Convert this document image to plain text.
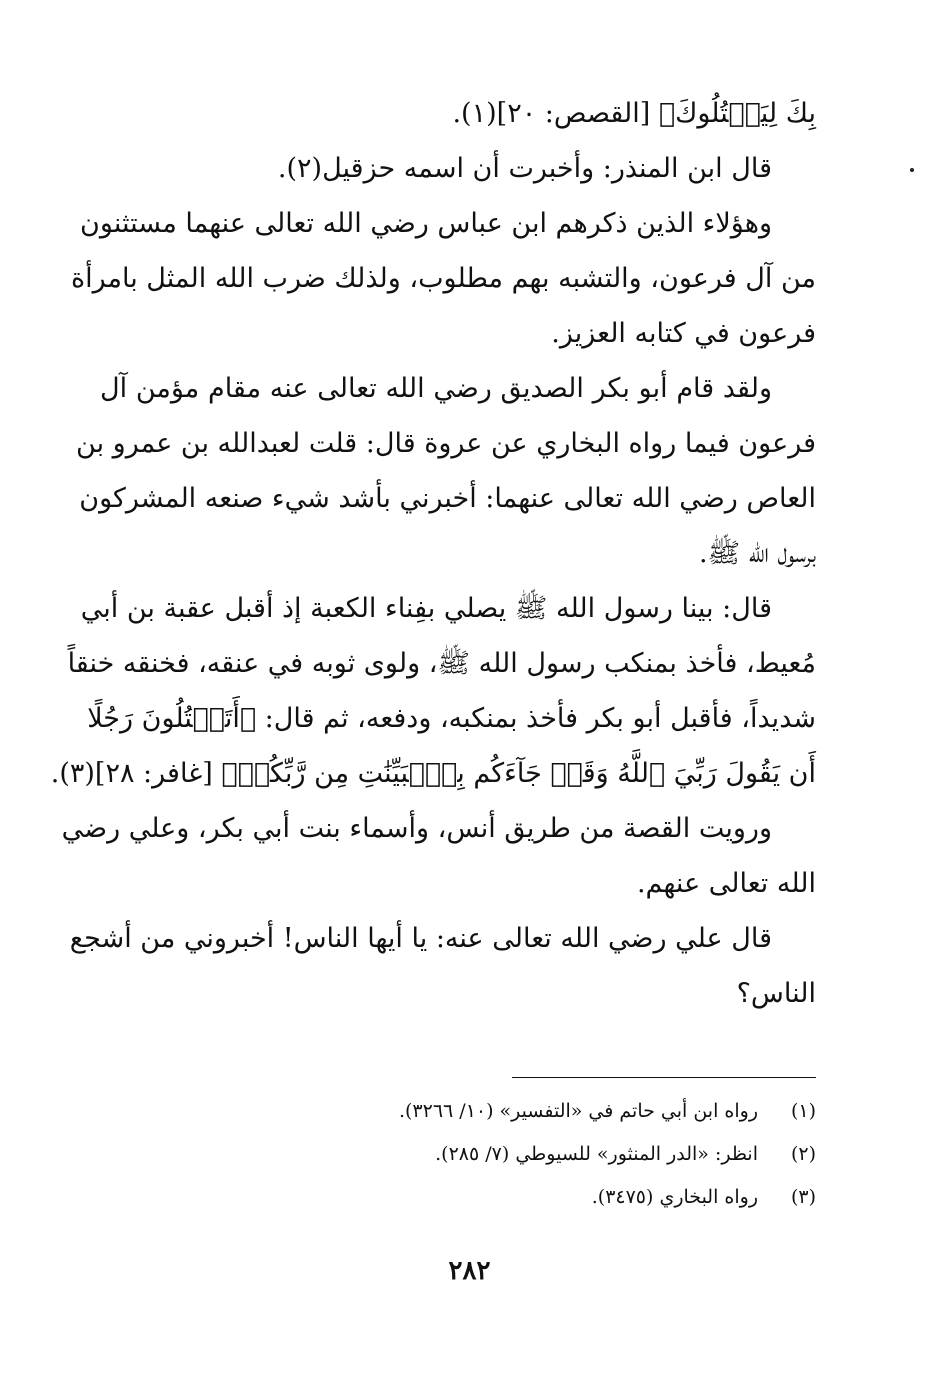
بِكَ لِيَقۡتُلُوكَ﴾ [القصص: ٢٠](١).
قال ابن المنذر: وأخبرت أن اسمه حزقيل(٢).
وهؤلاء الذين ذكرهم ابن عباس رضي الله تعالى عنهما مستثنون
من آل فرعون، والتشبه بهم مطلوب، ولذلك ضرب الله المثل بامرأة
فرعون في كتابه العزيز.
ولقد قام أبو بكر الصديق رضي الله تعالى عنه مقام مؤمن آل
فرعون فيما رواه البخاري عن عروة قال: قلت لعبدالله بن عمرو بن
العاص رضي الله تعالى عنهما: أخبرني بأشد شيء صنعه المشركون
برسول الله ﷺ.
قال: بينا رسول الله ﷺ يصلي بفِناء الكعبة إذ أقبل عقبة بن أبي
مُعيط، فأخذ بمنكب رسول الله ﷺ، ولوى ثوبه في عنقه، فخنقه خنقاً
شديداً، فأقبل أبو بكر فأخذ بمنكبه، ودفعه، ثم قال: ﴿أَتَقۡتُلُونَ رَجُلًا
أَن يَقُولَ رَبِّيَ ٱللَّهُ وَقَدۡ جَآءَكُم بِٱلۡبَيِّنَٰتِ مِن رَّبِّكُمۡ﴾ [غافر: ٢٨](٣).
ورويت القصة من طريق أنس، وأسماء بنت أبي بكر، وعلي رضي
الله تعالى عنهم.
قال علي رضي الله تعالى عنه: يا أيها الناس! أخبروني من أشجع
الناس؟
(١)
رواه ابن أبي حاتم في «التفسير» (١٠/ ٣٢٦٦).
(٢)
انظر: «الدر المنثور» للسيوطي (٧/ ٢٨٥).
(٣)
رواه البخاري (٣٤٧٥).
٢٨٢
